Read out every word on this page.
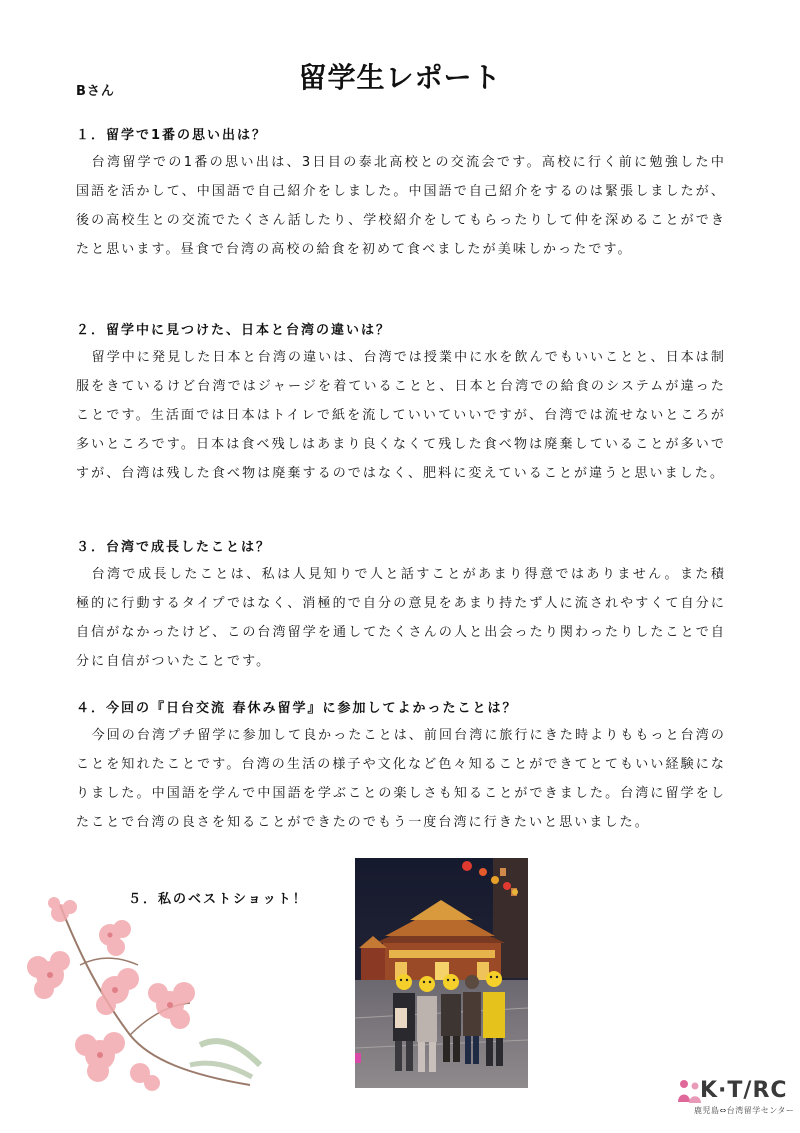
Bさん	留学生レポート

１．留学で1番の思い出は？

台湾留学での1番の思い出は、3日目の泰北高校との交流会です。高校に行く前に勉強した中国語を活かして、中国語で自己紹介をしました。中国語で自己紹介をするのは緊張しましたが、後の高校生との交流でたくさん話したり、学校紹介をしてもらったりして仲を深めることができたと思います。昼食で台湾の高校の給食を初めて食べましたが美味しかったです。

２．留学中に見つけた、日本と台湾の違いは？

留学中に発見した日本と台湾の違いは、台湾では授業中に水を飲んでもいいことと、日本は制服をきているけど台湾ではジャージを着ていることと、日本と台湾での給食のシステムが違ったことです。生活面では日本はトイレで紙を流していいていいですが、台湾では流せないところが多いところです。日本は食べ残しはあまり良くなくて残した食べ物は廃棄していることが多いですが、台湾は残した食べ物は廃棄するのではなく、肥料に変えていることが違うと思いました。

３．台湾で成長したことは？

台湾で成長したことは、私は人見知りで人と話すことがあまり得意ではありません。また積極的に行動するタイプではなく、消極的で自分の意見をあまり持たず人に流されやすくて自分に自信がなかったけど、この台湾留学を通してたくさんの人と出会ったり関わったりしたことで自分に自信がついたことです。

４．今回の『日台交流 春休み留学』に参加してよかったことは？

今回の台湾プチ留学に参加して良かったことは、前回台湾に旅行にきた時よりももっと台湾のことを知れたことです。台湾の生活の様子や文化など色々知ることができてとてもいい経験になりました。中国語を学んで中国語を学ぶことの楽しさも知ることができました。台湾に留学をしたことで台湾の良さを知ることができたのでもう一度台湾に行きたいと思いました。

５．私のベストショット！
K·T/RC
鹿児島⇔台湾留学センター
